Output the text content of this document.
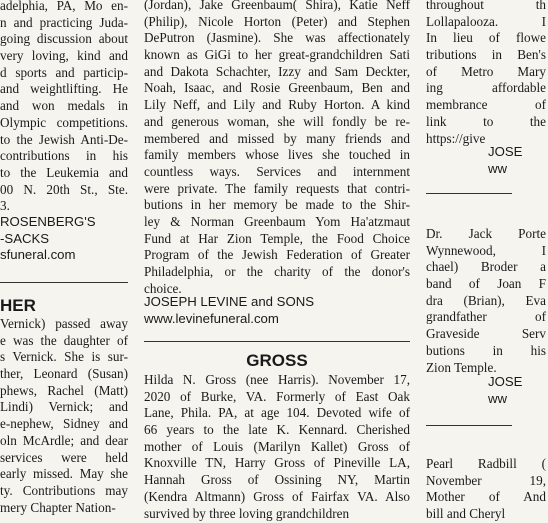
adelphia, PA, Mo en-
n and practicing Juda-
going discussion about
very loving, kind and
d sports and particip-
and weightlifting. He
and won medals in
Olympic competitions.
to the Jewish Anti-De-
contributions in his
to the Leukemia and
00 N. 20th St., Ste.
3.

ROSENBERG'S
-SACKS
sfuneral.com

HER

Vernick) passed away
e was the daughter of
s Vernick. She is sur-
ther, Leonard (Susan)
phews, Rachel (Matt)
Lindi) Vernick; and
e-nephew, Sidney and
oln McArdle; and dear
services were held
early missed. May she
ty. Contributions may
mery Chapter Nation-

(Jordan), Jake Greenbaum( Shira), Katie Neff
(Philip), Nicole Horton (Peter) and Stephen
DePutron (Jasmine). She was affectionately
known as GiGi to her great-grandchildren Sati
and Dakota Schachter, Izzy and Sam Deckter,
Noah, Isaac, and Rosie Greenbaum, Ben and
Lily Neff, and Lily and Ruby Horton. A kind
and generous woman, she will fondly be re-
membered and missed by many friends and
family members whose lives she touched in
countless ways. Services and internment
were private. The family requests that contri-
butions in her memory be made to the Shir-
ley & Norman Greenbaum Yom Ha'atzmaut
Fund at Har Zion Temple, the Food Choice
Program of the Jewish Federation of Greater
Philadelphia, or the charity of the donor's
choice.

JOSEPH LEVINE and SONS
www.levinefuneral.com

GROSS

Hilda N. Gross (nee Harris). November 17,
2020 of Burke, VA. Formerly of East Oak
Lane, Phila. PA, at age 104. Devoted wife of
66 years to the late K. Kennard. Cherished
mother of Louis (Marilyn Kallet) Gross of
Knoxville TN, Harry Gross of Pineville LA,
Hannah Gross of Ossining NY, Martin
(Kendra Altmann) Gross of Fairfax VA. Also
survived by three loving grandchildren

throughout th
Lollapalooza. I
In lieu of flowe
tributions in Ben's
of Metro Mary
ing affordable
membrance of
link to the
https://give

JOSE
ww

Dr. Jack Porte
Wynnewood, I
chael) Broder a
band of Joan F
dra (Brian), Eva
grandfather of
Graveside Serv
butions in his
Zion Temple.

JOSE
ww

Pearl Radbill (
November 19,
Mother of And
bill and Cheryl
